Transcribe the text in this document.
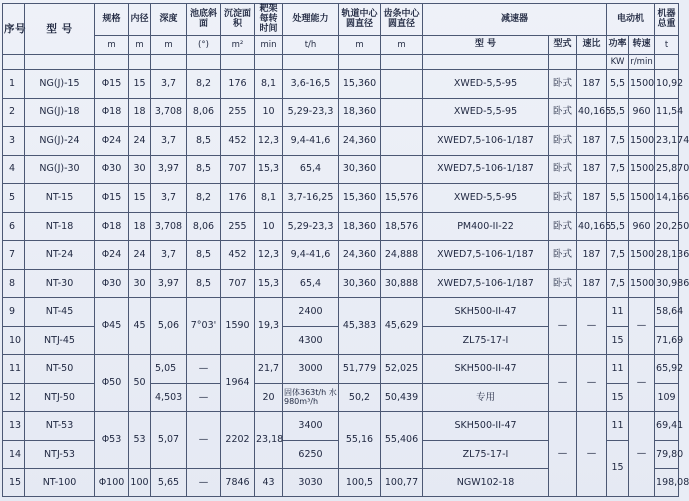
序号	型 号	规格	内径	深度	池底斜面	沉淀面积	耙架每转时间	处理能力	轨道中心圆直径	齿条中心圆直径	减速器			电动机		机器总重
		m	m	m	(°)	m²	min	t/h	m	m	型 号	型式	速比	功率	转速	t
														KW	r/min	
1	NG(J)-15	Φ15	15	3,7	8,2	176	8,1	3,6-16,5	15,360		XWED-5,5-95	卧式	187	5,5	1500	10,92
2	NG(J)-18	Φ18	18	3,708	8,06	255	10	5,29-23,3	18,360		XWED-5,5-95	卧式	40,165	5,5	960	11,54
3	NG(J)-24	Φ24	24	3,7	8,5	452	12,3	9,4-41,6	24,360		XWED7,5-106-1/187	卧式	187	7,5	1500	23,174
4	NG(J)-30	Φ30	30	3,97	8,5	707	15,3	65,4	30,360		XWED7,5-106-1/187	卧式	187	7,5	1500	25,870
5	NT-15	Φ15	15	3,7	8,2	176	8,1	3,7-16,25	15,360	15,576	XWED-5,5-95	卧式	187	5,5	1500	14,166
6	NT-18	Φ18	18	3,708	8,06	255	10	5,29-23,3	18,360	18,576	PM400-II-22	卧式	40,165	5,5	960	20,250
7	NT-24	Φ24	24	3,7	8,5	452	12,3	9,4-41,6	24,360	24,888	XWED7,5-106-1/187	卧式	187	7,5	1500	28,136
8	NT-30	Φ30	30	3,97	8,5	707	15,3	65,4	30,360	30,888	XWED7,5-106-1/187	卧式	187	7,5	1500	30,986
9	NT-45	Φ45	45	5,06	7°03'	1590	19,3	2400	45,383	45,629	SKH500-II-47	—	—	11	—	58,64
10	NTJ-45							4300			ZL75-17-I			15		71,69
11	NT-50	Φ50	50	5,05	—	1964	21,7	3000	51,779	52,025	SKH500-II-47	—	—	11	—	65,92
12	NTJ-50			4,503	—		20	固体363t/h 水980m³/h	50,2	50,439	专用			15		109
13	NT-53	Φ53	53	5,07	—	2202	23,18	3400	55,16	55,406	SKH500-II-47	—	—	11	—	69,41
14	NTJ-53							6250			ZL75-17-I			15		79,80
15	NT-100	Φ100	100	5,65	—	7846	43	3030	100,5	100,77	NGW102-18					198,08
